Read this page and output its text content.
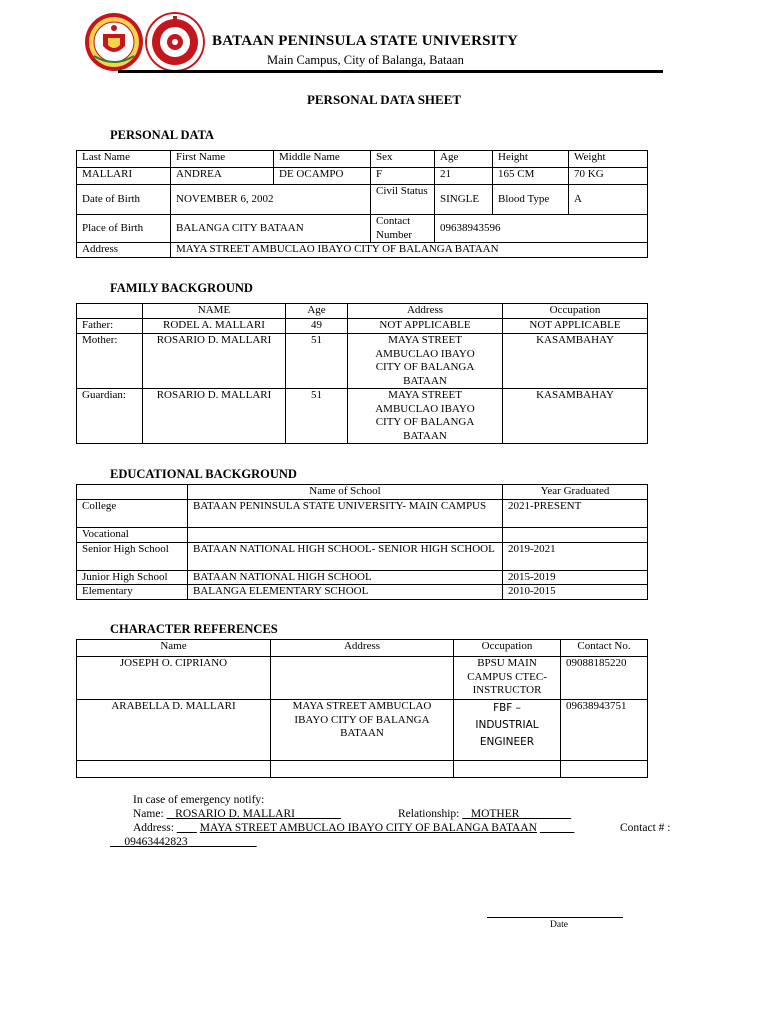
BATAAN PENINSULA STATE UNIVERSITY
Main Campus, City of Balanga, Bataan
PERSONAL DATA SHEET
PERSONAL DATA
Last Name	First Name	Middle Name	Sex	Age	Height	Weight
MALLARI	ANDREA	DE OCAMPO	F	21	165 CM	70 KG
Date of Birth	NOVEMBER 6, 2002		Civil Status	SINGLE	Blood Type	A
Place of Birth	BALANGA CITY BATAAN		Contact Number	09638943596		
Address	MAYA STREET AMBUCLAO IBAYO CITY OF BALANGA BATAAN					
FAMILY BACKGROUND
	NAME	Age	Address	Occupation
Father:	RODEL A. MALLARI	49	NOT APPLICABLE	NOT APPLICABLE
Mother:	ROSARIO D. MALLARI	51	MAYA STREET AMBUCLAO IBAYO CITY OF BALANGA BATAAN	KASAMBAHAY
Guardian:	ROSARIO D. MALLARI	51	MAYA STREET AMBUCLAO IBAYO CITY OF BALANGA BATAAN	KASAMBAHAY
EDUCATIONAL BACKGROUND
	Name of School	Year Graduated
College	BATAAN PENINSULA STATE UNIVERSITY- MAIN CAMPUS	2021-PRESENT
Vocational		
Senior High School	BATAAN NATIONAL HIGH SCHOOL- SENIOR HIGH SCHOOL	2019-2021
Junior High School	BATAAN NATIONAL HIGH SCHOOL	2015-2019
Elementary	BALANGA ELEMENTARY SCHOOL	2010-2015
CHARACTER REFERENCES
Name	Address	Occupation	Contact No.
JOSEPH O. CIPRIANO		BPSU MAIN CAMPUS CTEC-INSTRUCTOR	09088185220
ARABELLA D. MALLARI	MAYA STREET AMBUCLAO IBAYO CITY OF BALANGA BATAAN	FBF – INDUSTRIAL ENGINEER	09638943751

In case of emergency notify:
Name: ROSARIO D. MALLARI	Relationship: MOTHER
Address: MAYA STREET AMBUCLAO IBAYO CITY OF BALANGA BATAAN	Contact # :
09463442823
Date
